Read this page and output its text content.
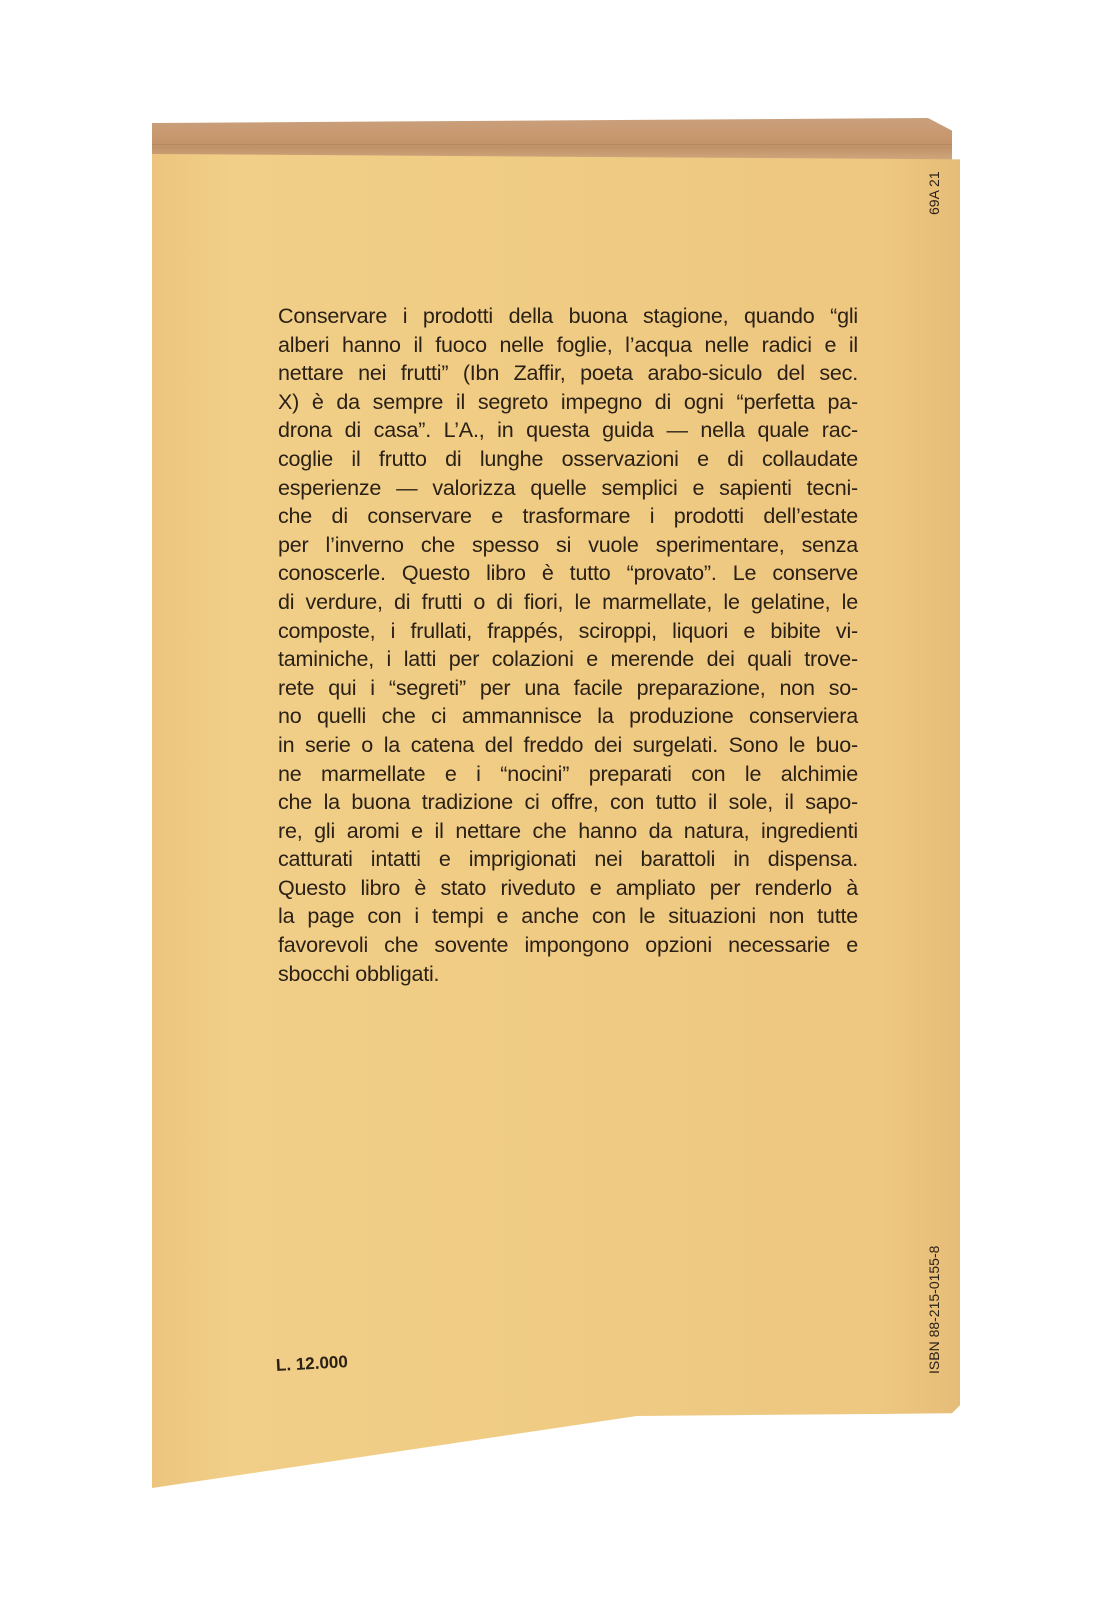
Conservare i prodotti della buona stagione, quando “gli
alberi hanno il fuoco nelle foglie, l’acqua nelle radici e il
nettare nei frutti” (Ibn Zaffir, poeta arabo-siculo del sec.
X) è da sempre il segreto impegno di ogni “perfetta pa-
drona di casa”. L’A., in questa guida — nella quale rac-
coglie il frutto di lunghe osservazioni e di collaudate
esperienze — valorizza quelle semplici e sapienti tecni-
che di conservare e trasformare i prodotti dell’estate
per l’inverno che spesso si vuole sperimentare, senza
conoscerle. Questo libro è tutto “provato”. Le conserve
di verdure, di frutti o di fiori, le marmellate, le gelatine, le
composte, i frullati, frappés, sciroppi, liquori e bibite vi-
taminiche, i latti per colazioni e merende dei quali trove-
rete qui i “segreti” per una facile preparazione, non so-
no quelli che ci ammannisce la produzione conserviera
in serie o la catena del freddo dei surgelati. Sono le buo-
ne marmellate e i “nocini” preparati con le alchimie
che la buona tradizione ci offre, con tutto il sole, il sapo-
re, gli aromi e il nettare che hanno da natura, ingredienti
catturati intatti e imprigionati nei barattoli in dispensa.
Questo libro è stato riveduto e ampliato per renderlo à
la page con i tempi e anche con le situazioni non tutte
favorevoli che sovente impongono opzioni necessarie e
sbocchi obbligati.
L. 12.000
69A 21
ISBN 88-215-0155-8
